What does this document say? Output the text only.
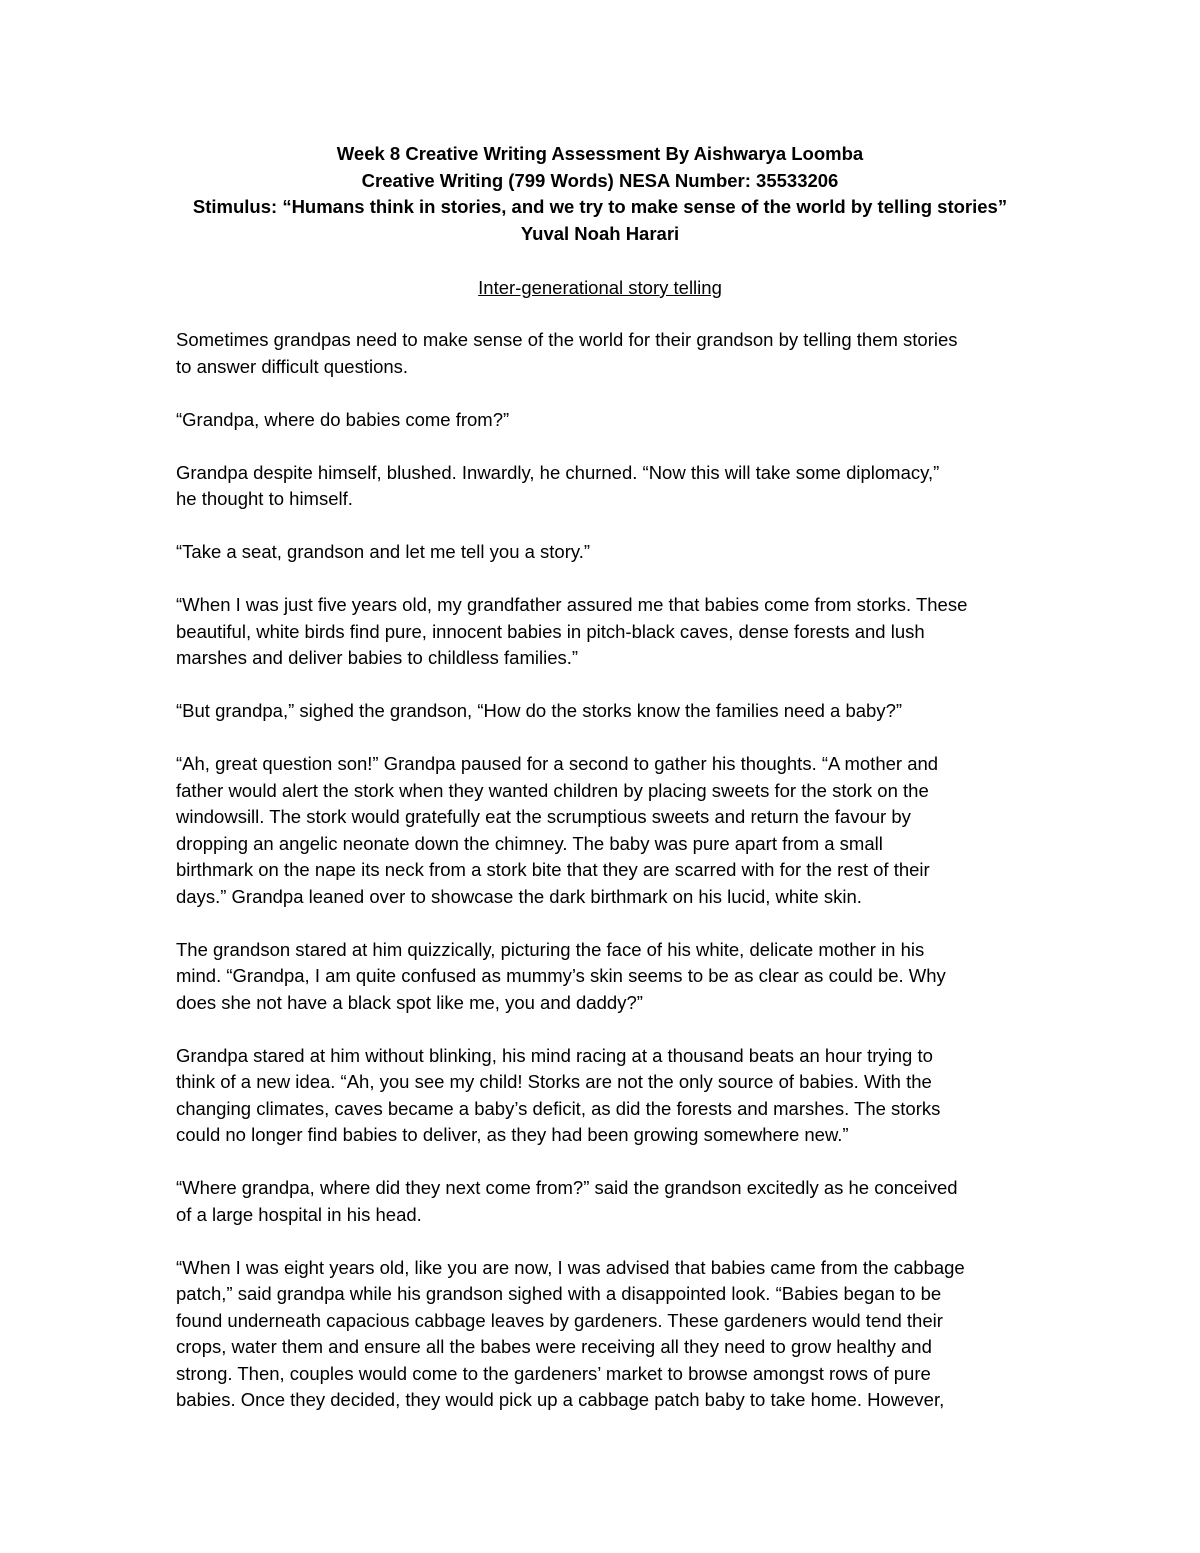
Week 8 Creative Writing Assessment By Aishwarya Loomba
Creative Writing (799 Words) NESA Number: 35533206
Stimulus: “Humans think in stories, and we try to make sense of the world by telling stories”
Yuval Noah Harari
Inter-generational story telling
Sometimes grandpas need to make sense of the world for their grandson by telling them stories
to answer difficult questions.
“Grandpa, where do babies come from?”
Grandpa despite himself, blushed. Inwardly, he churned. “Now this will take some diplomacy,”
he thought to himself.
“Take a seat, grandson and let me tell you a story.”
“When I was just five years old, my grandfather assured me that babies come from storks. These
beautiful, white birds find pure, innocent babies in pitch-black caves, dense forests and lush
marshes and deliver babies to childless families.”
“But grandpa,” sighed the grandson, “How do the storks know the families need a baby?”
“Ah, great question son!” Grandpa paused for a second to gather his thoughts. “A mother and
father would alert the stork when they wanted children by placing sweets for the stork on the
windowsill. The stork would gratefully eat the scrumptious sweets and return the favour by
dropping an angelic neonate down the chimney. The baby was pure apart from a small
birthmark on the nape its neck from a stork bite that they are scarred with for the rest of their
days.” Grandpa leaned over to showcase the dark birthmark on his lucid, white skin.
The grandson stared at him quizzically, picturing the face of his white, delicate mother in his
mind. “Grandpa, I am quite confused as mummy’s skin seems to be as clear as could be. Why
does she not have a black spot like me, you and daddy?”
Grandpa stared at him without blinking, his mind racing at a thousand beats an hour trying to
think of a new idea. “Ah, you see my child! Storks are not the only source of babies. With the
changing climates, caves became a baby’s deficit, as did the forests and marshes. The storks
could no longer find babies to deliver, as they had been growing somewhere new.”
“Where grandpa, where did they next come from?” said the grandson excitedly as he conceived
of a large hospital in his head.
“When I was eight years old, like you are now, I was advised that babies came from the cabbage
patch,” said grandpa while his grandson sighed with a disappointed look. “Babies began to be
found underneath capacious cabbage leaves by gardeners. These gardeners would tend their
crops, water them and ensure all the babes were receiving all they need to grow healthy and
strong. Then, couples would come to the gardeners’ market to browse amongst rows of pure
babies. Once they decided, they would pick up a cabbage patch baby to take home. However,
